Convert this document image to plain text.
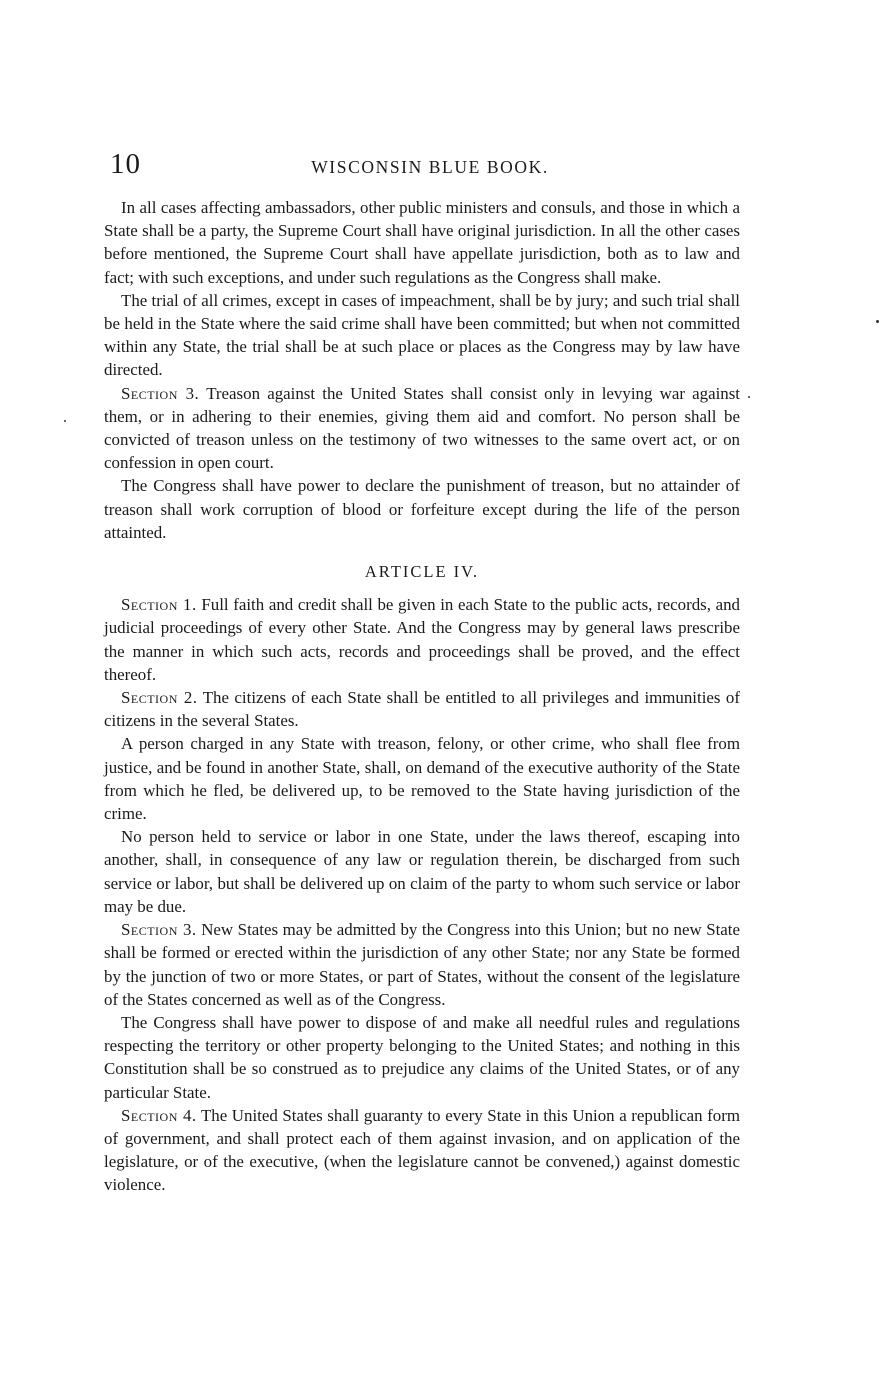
10	WISCONSIN BLUE BOOK.

In all cases affecting ambassadors, other public ministers and consuls, and those in which a State shall be a party, the Supreme Court shall have original jurisdiction. In all the other cases before mentioned, the Supreme Court shall have appellate jurisdiction, both as to law and fact; with such exceptions, and under such regulations as the Congress shall make.

The trial of all crimes, except in cases of impeachment, shall be by jury; and such trial shall be held in the State where the said crime shall have been committed; but when not committed within any State, the trial shall be at such place or places as the Congress may by law have directed.

Section 3. Treason against the United States shall consist only in levying war against them, or in adhering to their enemies, giving them aid and comfort. No person shall be convicted of treason unless on the testimony of two witnesses to the same overt act, or on confession in open court.

The Congress shall have power to declare the punishment of treason, but no attainder of treason shall work corruption of blood or forfeiture except during the life of the person attainted.

ARTICLE IV.

Section 1. Full faith and credit shall be given in each State to the public acts, records, and judicial proceedings of every other State. And the Congress may by general laws prescribe the manner in which such acts, records and proceedings shall be proved, and the effect thereof.

Section 2. The citizens of each State shall be entitled to all privileges and immunities of citizens in the several States.

A person charged in any State with treason, felony, or other crime, who shall flee from justice, and be found in another State, shall, on demand of the executive authority of the State from which he fled, be delivered up, to be removed to the State having jurisdiction of the crime.

No person held to service or labor in one State, under the laws thereof, escaping into another, shall, in consequence of any law or regulation therein, be discharged from such service or labor, but shall be delivered up on claim of the party to whom such service or labor may be due.

Section 3. New States may be admitted by the Congress into this Union; but no new State shall be formed or erected within the jurisdiction of any other State; nor any State be formed by the junction of two or more States, or part of States, without the consent of the legislature of the States concerned as well as of the Congress.

The Congress shall have power to dispose of and make all needful rules and regulations respecting the territory or other property belonging to the United States; and nothing in this Constitution shall be so construed as to prejudice any claims of the United States, or of any particular State.

Section 4. The United States shall guaranty to every State in this Union a republican form of government, and shall protect each of them against invasion, and on application of the legislature, or of the executive, (when the legislature cannot be convened,) against domestic violence.
